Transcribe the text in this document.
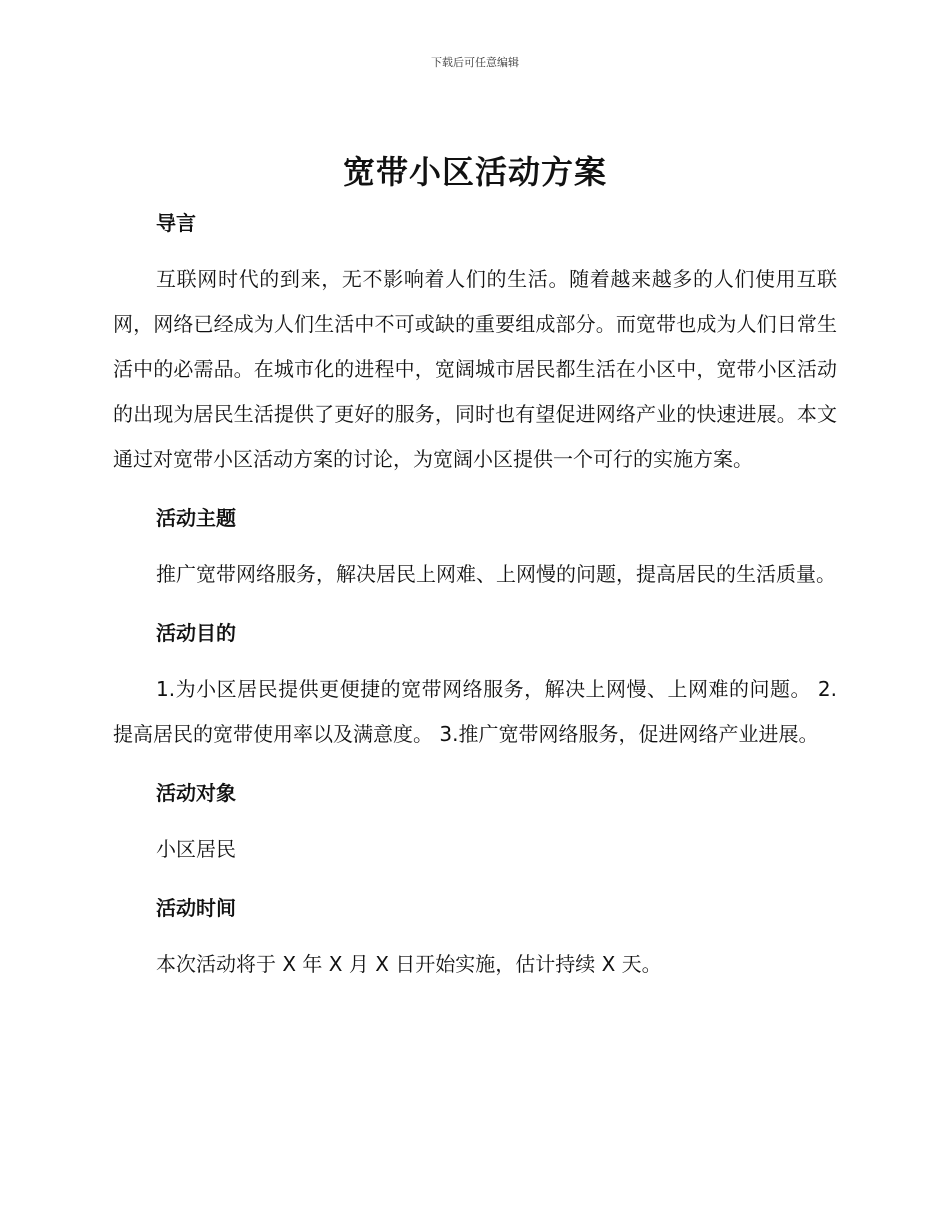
下载后可任意编辑
宽带小区活动方案
导言

互联网时代的到来，无不影响着人们的生活。随着越来越多的人们使用互联网，网络已经成为人们生活中不可或缺的重要组成部分。而宽带也成为人们日常生活中的必需品。在城市化的进程中，宽阔城市居民都生活在小区中，宽带小区活动的出现为居民生活提供了更好的服务，同时也有望促进网络产业的快速进展。本文通过对宽带小区活动方案的讨论，为宽阔小区提供一个可行的实施方案。

活动主题

推广宽带网络服务，解决居民上网难、上网慢的问题，提高居民的生活质量。

活动目的

1.为小区居民提供更便捷的宽带网络服务，解决上网慢、上网难的问题。 2.提高居民的宽带使用率以及满意度。 3.推广宽带网络服务，促进网络产业进展。

活动对象

小区居民

活动时间

本次活动将于 X 年 X 月 X 日开始实施，估计持续 X 天。
